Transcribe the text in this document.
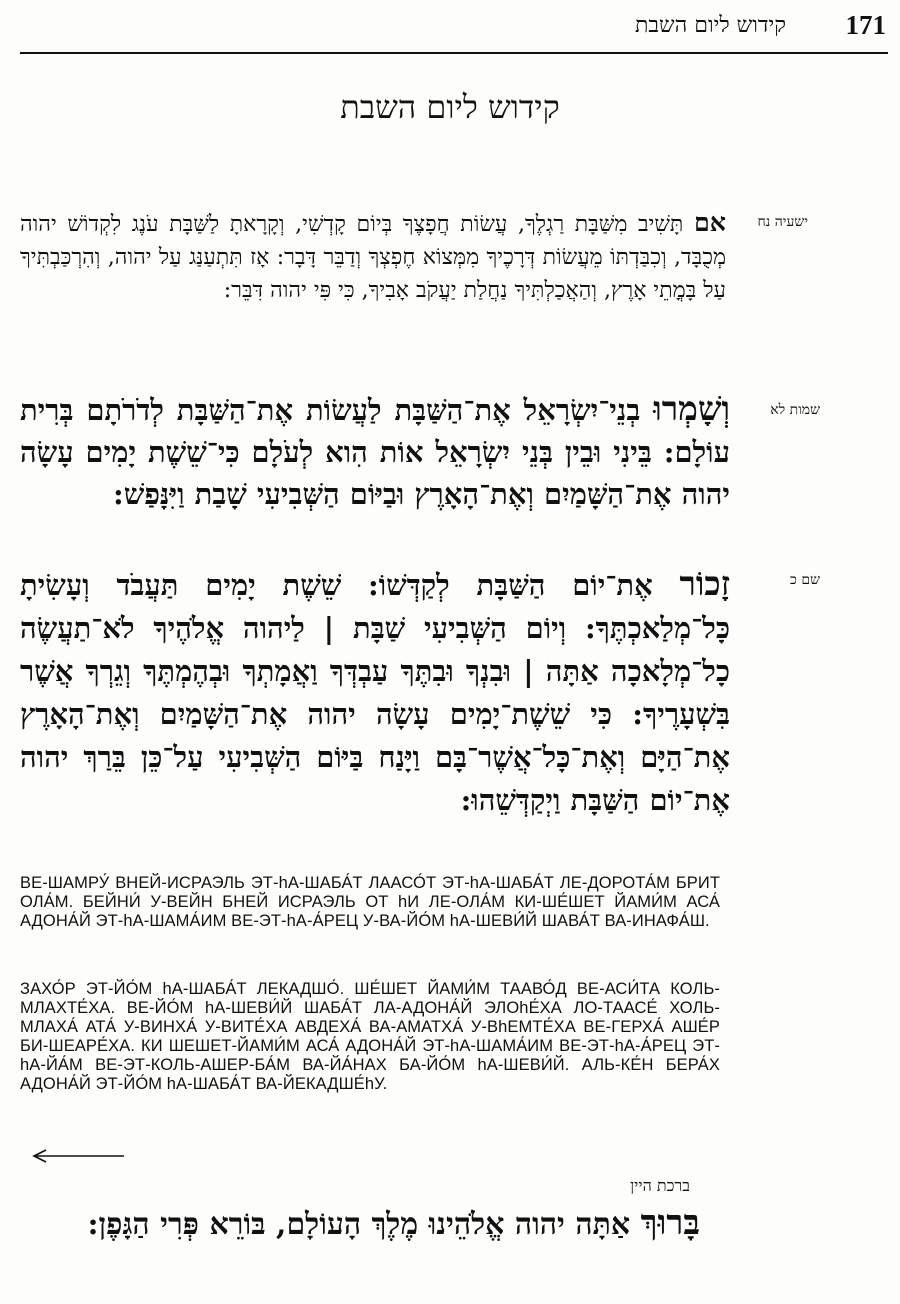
171
קידוש ליום השבת
קידוש ליום השבת
ישעיה נח

אם תָּשִׁיב מִשַּׁבָּת רַגְלֶךָ, עֲשׂוֹת חֲפָצֶךָ בְּיוֹם קָדְשִׁי, וְקָרָאתָ לַשַּׁבָּת עֹנֶג לִקְדוֹשׁ יהוה מְכֻבָּד, וְכִבַּדְתּוֹ מֵעֲשׂוֹת דְּרָכֶיךָ מִמְּצוֹא חֶפְצְךָ וְדַבֵּר דָּבָר: אָז תִּתְעַנַּג עַל יהוה, וְהִרְכַּבְתִּיךָ עַל בָּמֳתֵי אָרֶץ, וְהַאֲכַלְתִּיךָ נַחֲלַת יַעֲקֹב אָבִיךָ, כִּי פִּי יהוה דִּבֵּר:

שמות לא

וְשָׁמְרוּ בְנֵי־יִשְׂרָאֵל אֶת־הַשַּׁבָּת לַעֲשׂוֹת אֶת־הַשַּׁבָּת לְדֹרֹתָם בְּרִית עוֹלָם: בֵּינִי וּבֵין בְּנֵי יִשְׂרָאֵל אוֹת הִוא לְעֹלָם כִּי־שֵׁשֶׁת יָמִים עָשָׂה יהוה אֶת־הַשָּׁמַיִם וְאֶת־הָאָרֶץ וּבַיּוֹם הַשְּׁבִיעִי שָׁבַת וַיִּנָּפַשׁ:

שם כ

זָכוֹר אֶת־יוֹם הַשַּׁבָּת לְקַדְּשׁוֹ: שֵׁשֶׁת יָמִים תַּעֲבֹד וְעָשִׂיתָ כָּל־מְלַאכְתֶּךָ: וְיוֹם הַשְּׁבִיעִי שַׁבָּת | לַיהוה אֱלֹהֶיךָ לֹא־תַעֲשֶׂה כָל־מְלָאכָה אַתָּה | וּבִנְךָ וּבִתֶּךָ עַבְדְּךָ וַאֲמָתְךָ וּבְהֶמְתֶּךָ וְגֵרְךָ אֲשֶׁר בִּשְׁעָרֶיךָ: כִּי שֵׁשֶׁת־יָמִים עָשָׂה יהוה אֶת־הַשָּׁמַיִם וְאֶת־הָאָרֶץ אֶת־הַיָּם וְאֶת־כָּל־אֲשֶׁר־בָּם וַיָּנַח בַּיּוֹם הַשְּׁבִיעִי עַל־כֵּן בֵּרַךְ יהוה אֶת־יוֹם הַשַּׁבָּת וַיְקַדְּשֵׁהוּ:

ВЕ-ШАМРУ́ ВНЕЙ-ИСРАЭЛЬ ЭТ-hА-ШАБА́Т ЛААСО́Т ЭТ-hА-ШАБА́Т ЛЕ-ДОРОТА́М БРИТ ОЛА́М. БЕЙНИ́ У-ВЕЙН БНЕЙ ИСРАЭЛЬ ОТ hИ ЛЕ-ОЛА́М КИ-ШЕ́ШЕТ ЙАМИ́М АСА́ АДОНА́Й ЭТ-hА-ШАМА́ИМ ВЕ-ЭТ-hА-А́РЕЦ У-ВА-ЙО́М hА-ШЕВИ́Й ШАВА́Т ВА-ИНАФА́Ш.
ЗАХО́Р ЭТ-ЙО́М hА-ШАБА́Т ЛЕКАДШО́. ШЕ́ШЕТ ЙАМИ́М ТААВО́Д ВЕ-АСИ́ТА КОЛЬ-МЛАХТЕ́ХА. ВЕ-ЙО́М hА-ШЕВИ́Й ШАБА́Т ЛА-АДОНА́Й ЭЛОhЕ́ХА ЛО-ТААСЕ́ ХОЛЬ-МЛАХА́ АТА́ У-ВИНХА́ У-ВИТЕ́ХА АВДЕХА́ ВА-АМАТХА́ У-ВhЕМТЕ́ХА ВЕ-ГЕРХА́ АШЕ́Р БИ-ШЕАРЕ́ХА. КИ ШЕШЕТ-ЙАМИ́М АСА́ АДОНА́Й ЭТ-hА-ШАМА́ИМ ВЕ-ЭТ-hА-А́РЕЦ ЭТ-hА-ЙА́М ВЕ-ЭТ-КОЛЬ-АШЕР-БА́М ВА-ЙА́НАХ БА-ЙО́М hА-ШЕВИ́Й. АЛЬ-КЕ́Н БЕРА́Х АДОНА́Й ЭТ-ЙО́М hА-ШАБА́Т ВА-ЙЕКАДШЕ́hУ.
ברכת היין

בָּרוּךְ אַתָּה יהוה אֱלֹהֵינוּ מֶלֶךְ הָעוֹלָם, בּוֹרֵא פְּרִי הַגָּפֶן:
